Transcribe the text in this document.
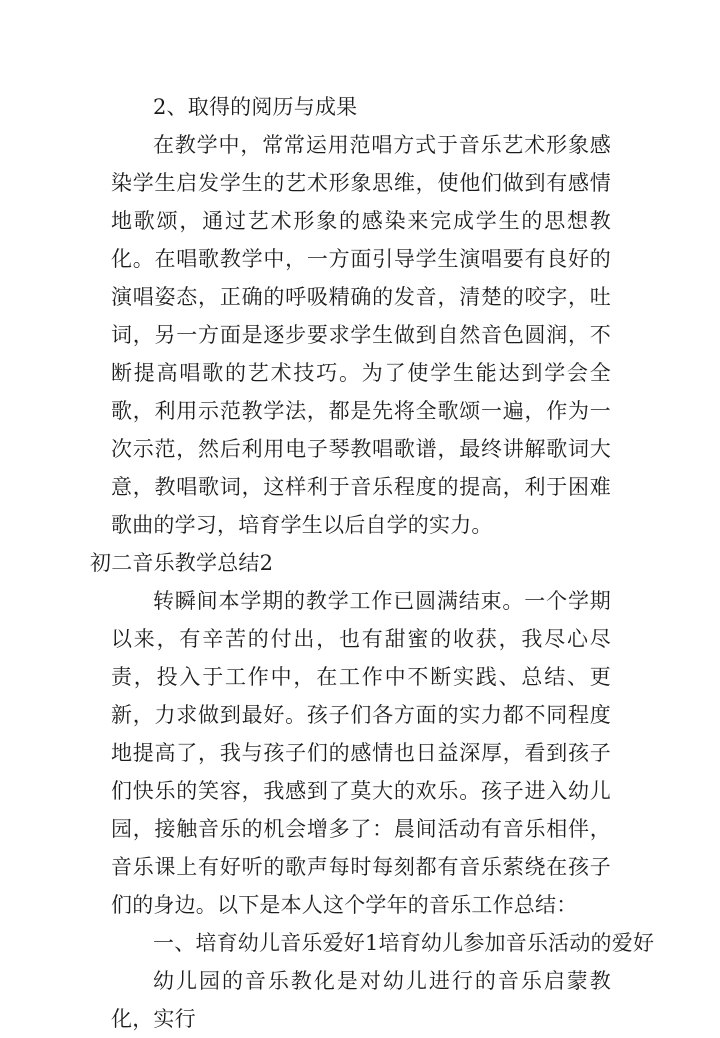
2、取得的阅历与成果

在教学中，常常运用范唱方式于音乐艺术形象感染学生启发学生的艺术形象思维，使他们做到有感情地歌颂，通过艺术形象的感染来完成学生的思想教化。在唱歌教学中，一方面引导学生演唱要有良好的演唱姿态，正确的呼吸精确的发音，清楚的咬字，吐词，另一方面是逐步要求学生做到自然音色圆润，不断提高唱歌的艺术技巧。为了使学生能达到学会全歌，利用示范教学法，都是先将全歌颂一遍，作为一次示范，然后利用电子琴教唱歌谱，最终讲解歌词大意，教唱歌词，这样利于音乐程度的提高，利于困难歌曲的学习，培育学生以后自学的实力。

初二音乐教学总结2

转瞬间本学期的教学工作已圆满结束。一个学期以来，有辛苦的付出，也有甜蜜的收获，我尽心尽责，投入于工作中，在工作中不断实践、总结、更新，力求做到最好。孩子们各方面的实力都不同程度地提高了，我与孩子们的感情也日益深厚，看到孩子们快乐的笑容，我感到了莫大的欢乐。孩子进入幼儿园，接触音乐的机会增多了：晨间活动有音乐相伴，音乐课上有好听的歌声每时每刻都有音乐萦绕在孩子们的身边。以下是本人这个学年的音乐工作总结：

一、培育幼儿音乐爱好1培育幼儿参加音乐活动的爱好

幼儿园的音乐教化是对幼儿进行的音乐启蒙教化，实行
